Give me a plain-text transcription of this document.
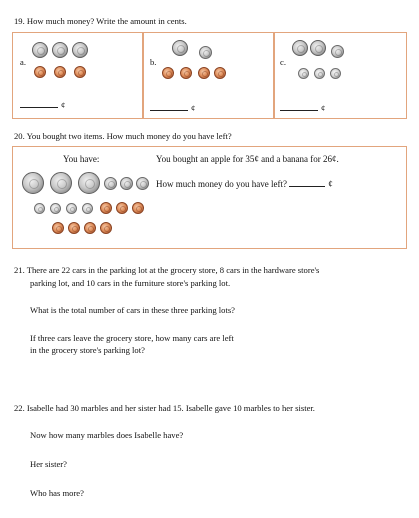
19. How much money? Write the amount in cents.
a.
¢
b.
¢
c.
¢
20. You bought two items. How much money do you have left?
You have:	You bought an apple for 35¢ and a banana for 26¢.
How much money do you have left?	¢
21. There are 22 cars in the parking lot at the grocery store, 8 cars in the hardware store's
parking lot, and 10 cars in the furniture store's parking lot.
What is the total number of cars in these three parking lots?
If three cars leave the grocery store, how many cars are left
in the grocery store's parking lot?
22. Isabelle had 30 marbles and her sister had 15. Isabelle gave 10 marbles to her sister.
Now how many marbles does Isabelle have?
Her sister?
Who has more?
